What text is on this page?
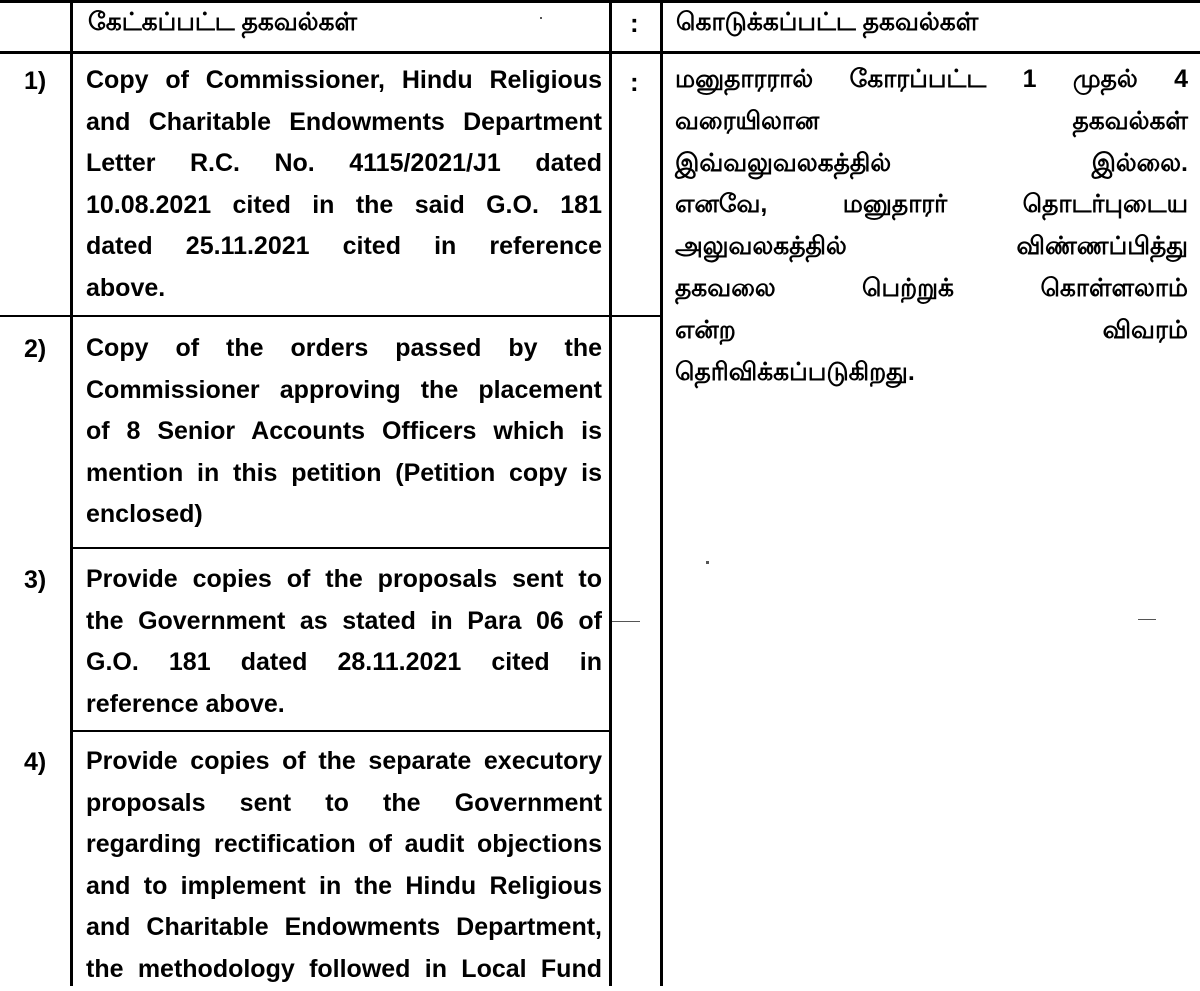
கேட்கப்பட்ட தகவல்கள்	: கொடுக்கப்பட்ட தகவல்கள்
1)	:
Copy of Commissioner, Hindu Religious
and Charitable Endowments Department
Letter R.C. No. 4115/2021/J1 dated
10.08.2021 cited in the said G.O. 181
dated 25.11.2021 cited in reference
above.
2) Copy of the orders passed by the
Commissioner approving the placement
of 8 Senior Accounts Officers which is
mention in this petition (Petition copy is
enclosed)
3) Provide copies of the proposals sent to
the Government as stated in Para 06 of
G.O. 181 dated 28.11.2021 cited in
reference above.
4) Provide copies of the separate executory
proposals sent to the Government
regarding rectification of audit objections
and to implement in the Hindu Religious
and Charitable Endowments Department,
the methodology followed in Local Fund
மனுதாரரால் கோரப்பட்ட 1 முதல் 4
வரையிலான தகவல்கள்
இவ்வலுவலகத்தில் இல்லை.
எனவே, மனுதாரர் தொடர்புடைய
அலுவலகத்தில் விண்ணப்பித்து
தகவலை பெற்றுக் கொள்ளலாம்
என்ற விவரம்
தெரிவிக்கப்படுகிறது.
